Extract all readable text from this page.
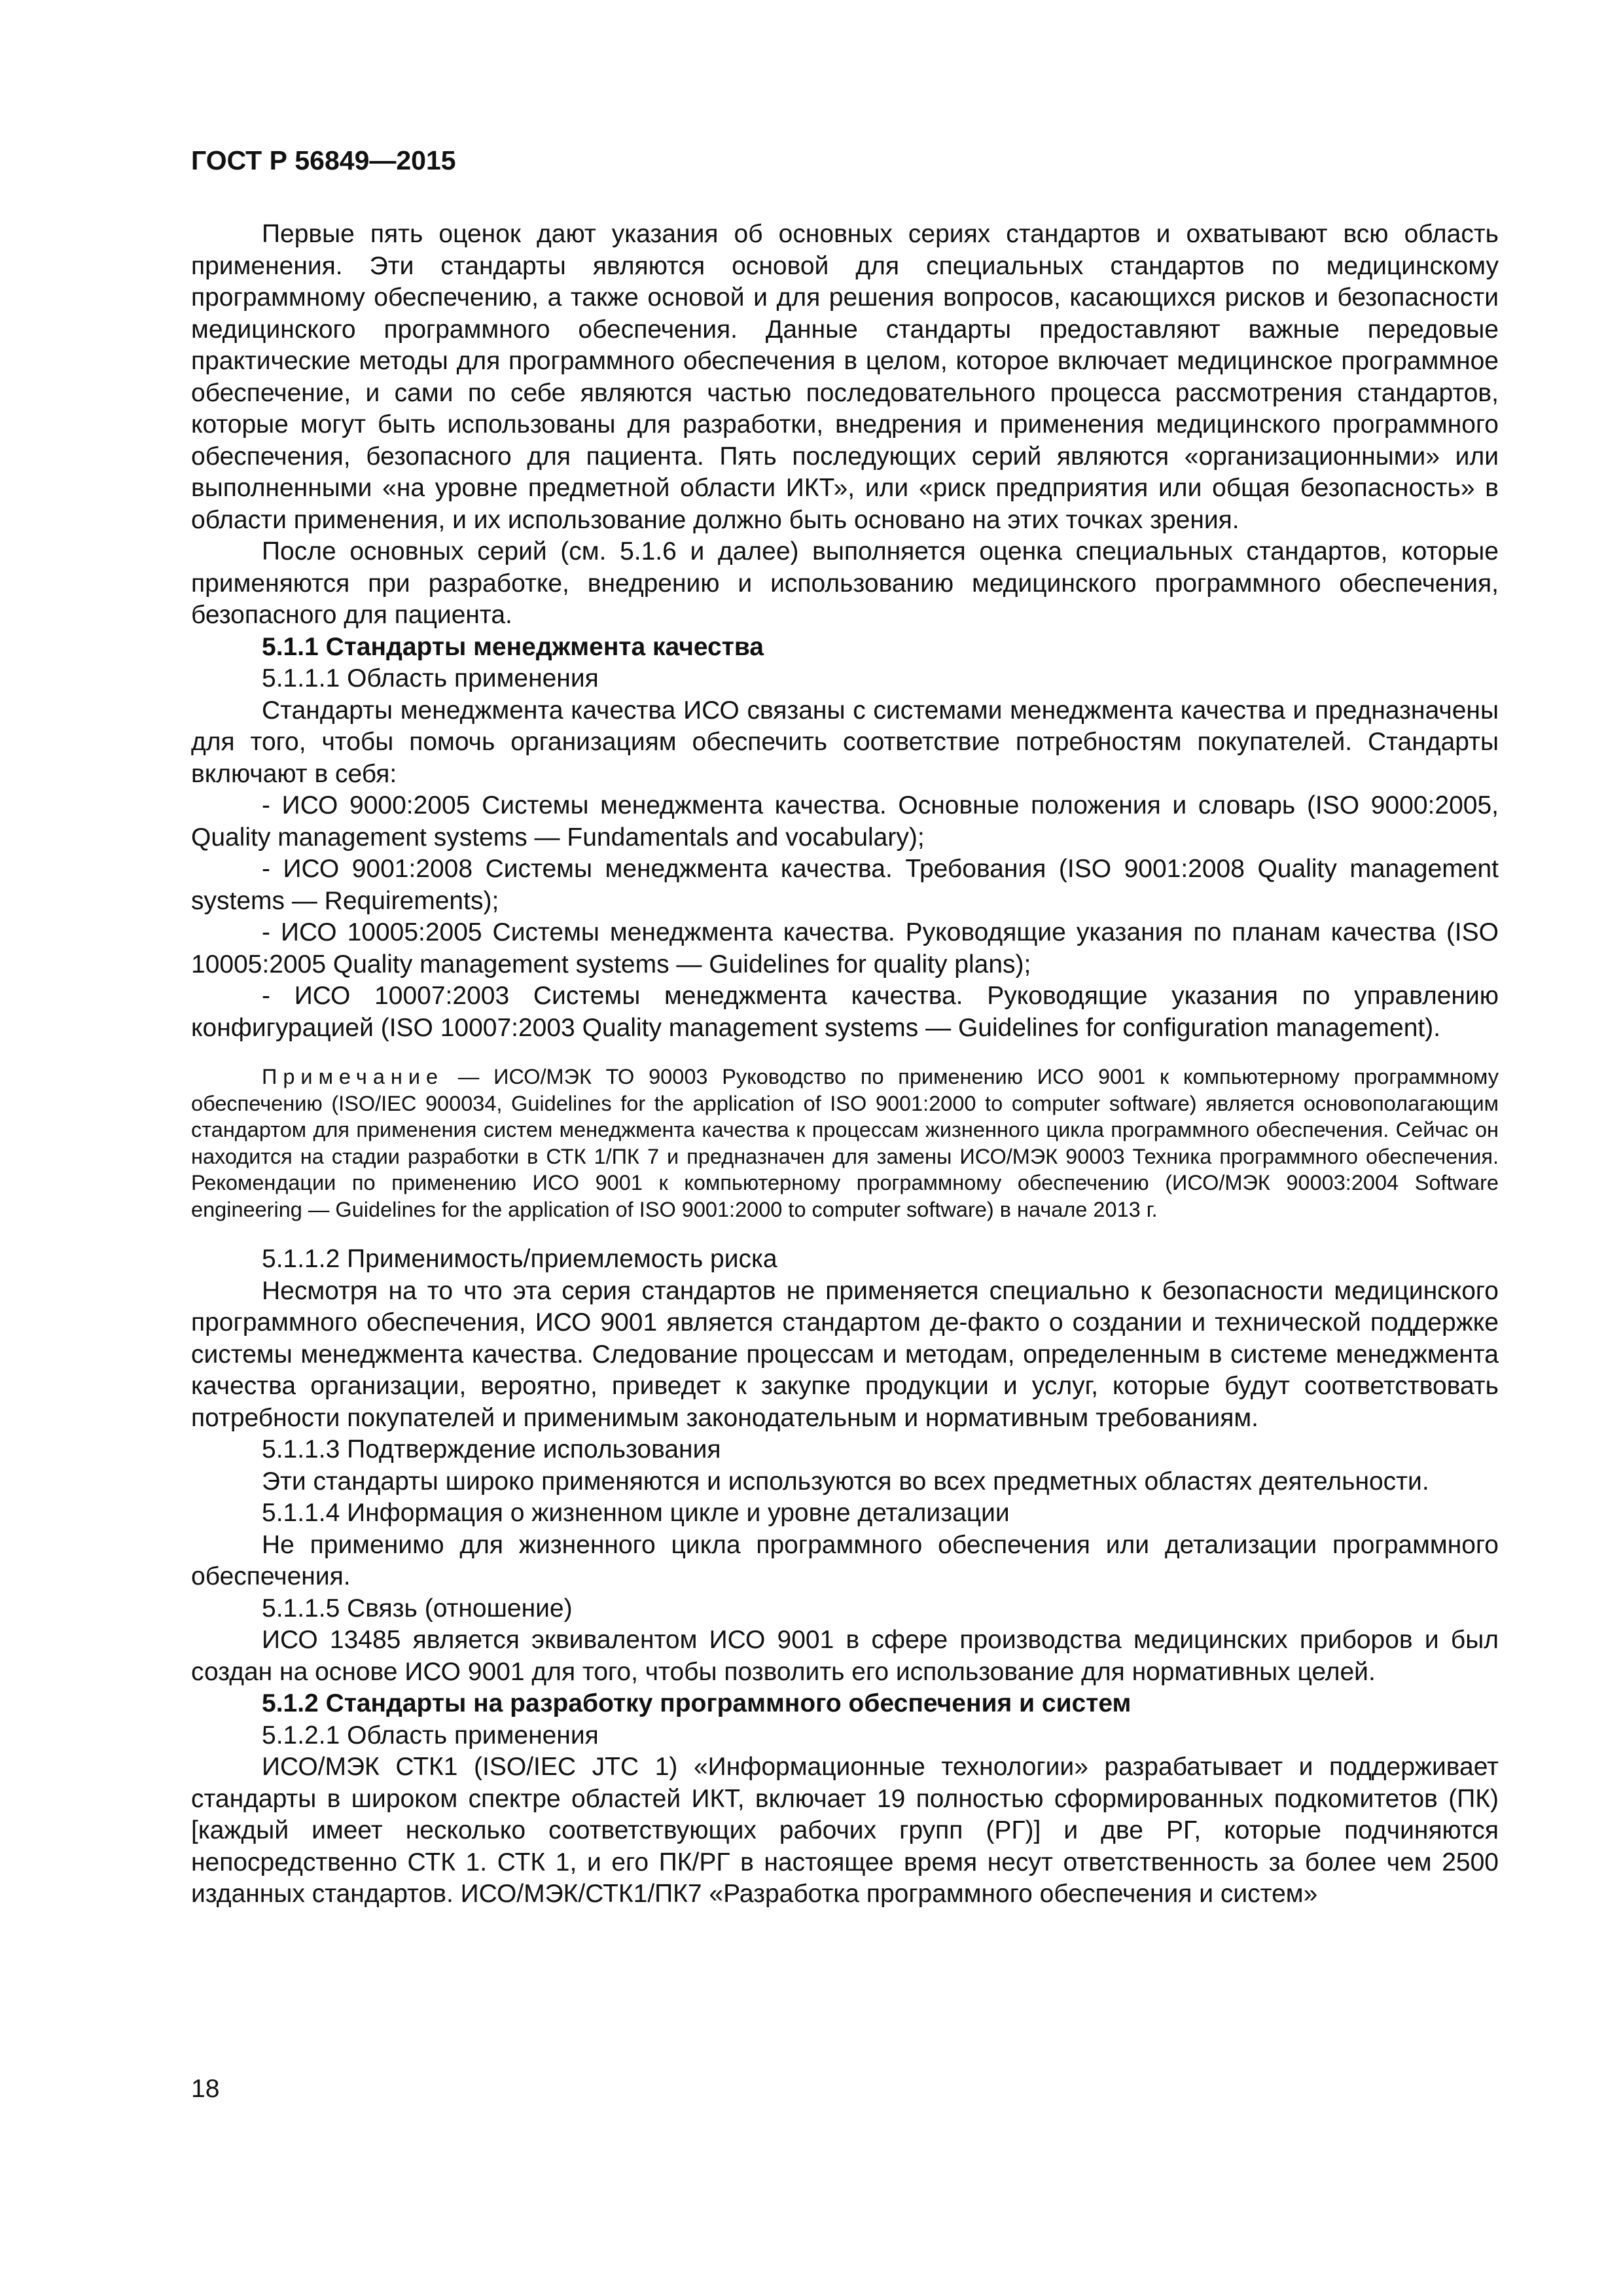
ГОСТ Р 56849—2015

Первые пять оценок дают указания об основных сериях стандартов и охватывают всю область применения. Эти стандарты являются основой для специальных стандартов по медицинскому программному обеспечению, а также основой и для решения вопросов, касающихся рисков и безопасности медицинского программного обеспечения. Данные стандарты предоставляют важные передовые практические методы для программного обеспечения в целом, которое включает медицинское программное обеспечение, и сами по себе являются частью последовательного процесса рассмотрения стандартов, которые могут быть использованы для разработки, внедрения и применения медицинского программного обеспечения, безопасного для пациента. Пять последующих серий являются «организационными» или выполненными «на уровне предметной области ИКТ», или «риск предприятия или общая безопасность» в области применения, и их использование должно быть основано на этих точках зрения.

После основных серий (см. 5.1.6 и далее) выполняется оценка специальных стандартов, которые применяются при разработке, внедрению и использованию медицинского программного обеспечения, безопасного для пациента.

5.1.1 Стандарты менеджмента качества

5.1.1.1 Область применения

Стандарты менеджмента качества ИСО связаны с системами менеджмента качества и предназначены для того, чтобы помочь организациям обеспечить соответствие потребностям покупателей. Стандарты включают в себя:

- ИСО 9000:2005 Системы менеджмента качества. Основные положения и словарь (ISO 9000:2005, Quality management systems — Fundamentals and vocabulary);

- ИСО 9001:2008 Системы менеджмента качества. Требования (ISO 9001:2008 Quality management systems — Requirements);

- ИСО 10005:2005 Системы менеджмента качества. Руководящие указания по планам качества (ISO 10005:2005 Quality management systems — Guidelines for quality plans);

- ИСО 10007:2003 Системы менеджмента качества. Руководящие указания по управлению конфигурацией (ISO 10007:2003 Quality management systems — Guidelines for configuration management).

Примечание — ИСО/МЭК ТО 90003 Руководство по применению ИСО 9001 к компьютерному программному обеспечению (ISO/IEC 900034, Guidelines for the application of ISO 9001:2000 to computer software) является основополагающим стандартом для применения систем менеджмента качества к процессам жизненного цикла программного обеспечения. Сейчас он находится на стадии разработки в СТК 1/ПК 7 и предназначен для замены ИСО/МЭК 90003 Техника программного обеспечения. Рекомендации по применению ИСО 9001 к компьютерному программному обеспечению (ИСО/МЭК 90003:2004 Software engineering — Guidelines for the application of ISO 9001:2000 to computer software) в начале 2013 г.

5.1.1.2 Применимость/приемлемость риска

Несмотря на то что эта серия стандартов не применяется специально к безопасности медицинского программного обеспечения, ИСО 9001 является стандартом де-факто о создании и технической поддержке системы менеджмента качества. Следование процессам и методам, определенным в системе менеджмента качества организации, вероятно, приведет к закупке продукции и услуг, которые будут соответствовать потребности покупателей и применимым законодательным и нормативным требованиям.

5.1.1.3 Подтверждение использования

Эти стандарты широко применяются и используются во всех предметных областях деятельности.

5.1.1.4 Информация о жизненном цикле и уровне детализации

Не применимо для жизненного цикла программного обеспечения или детализации программного обеспечения.

5.1.1.5 Связь (отношение)

ИСО 13485 является эквивалентом ИСО 9001 в сфере производства медицинских приборов и был создан на основе ИСО 9001 для того, чтобы позволить его использование для нормативных целей.

5.1.2 Стандарты на разработку программного обеспечения и систем

5.1.2.1 Область применения

ИСО/МЭК СТК1 (ISO/IEC JTC 1) «Информационные технологии» разрабатывает и поддерживает стандарты в широком спектре областей ИКТ, включает 19 полностью сформированных подкомитетов (ПК) [каждый имеет несколько соответствующих рабочих групп (РГ)] и две РГ, которые подчиняются непосредственно СТК 1. СТК 1, и его ПК/РГ в настоящее время несут ответственность за более чем 2500 изданных стандартов. ИСО/МЭК/СТК1/ПК7 «Разработка программного обеспечения и систем»

18
